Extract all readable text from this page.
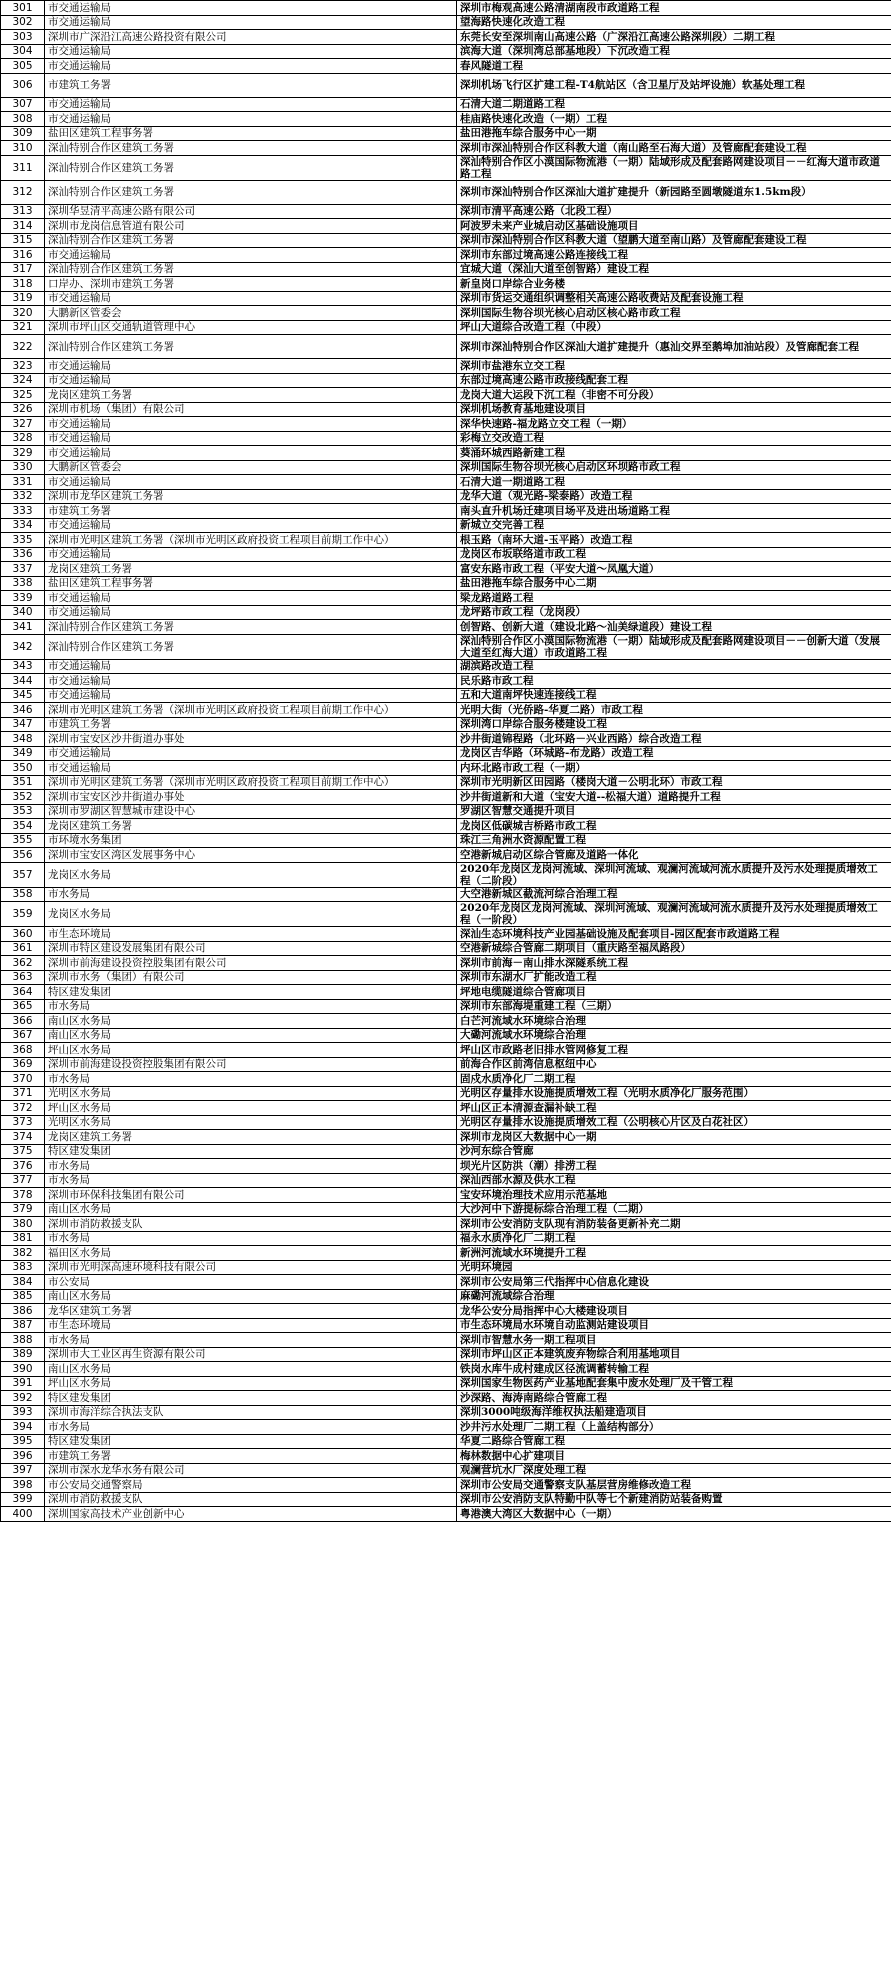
301	市交通运输局	深圳市梅观高速公路清湖南段市政道路工程
302	市交通运输局	望海路快速化改造工程
303	深圳市广深沿江高速公路投资有限公司	东莞长安至深圳南山高速公路（广深沿江高速公路深圳段）二期工程
304	市交通运输局	滨海大道（深圳湾总部基地段）下沉改造工程
305	市交通运输局	春风隧道工程
306	市建筑工务署	深圳机场飞行区扩建工程-T4航站区（含卫星厅及站坪设施）软基处理工程
307	市交通运输局	石清大道二期道路工程
308	市交通运输局	桂庙路快速化改造（一期）工程
309	盐田区建筑工程事务署	盐田港拖车综合服务中心一期
310	深汕特别合作区建筑工务署	深圳市深汕特别合作区科教大道（南山路至石海大道）及管廊配套建设工程
311	深汕特别合作区建筑工务署	深汕特别合作区小漠国际物流港（一期）陆域形成及配套路网建设项目－－红海大道市政道路工程
312	深汕特别合作区建筑工务署	深圳市深汕特别合作区深汕大道扩建提升（新园路至圆墩隧道东1.5km段）
313	深圳华昱清平高速公路有限公司	深圳市清平高速公路（北段工程）
314	深圳市龙岗信息管道有限公司	阿波罗未来产业城启动区基础设施项目
315	深汕特别合作区建筑工务署	深圳市深汕特别合作区科教大道（望鹏大道至南山路）及管廊配套建设工程
316	市交通运输局	深圳市东部过境高速公路连接线工程
317	深汕特别合作区建筑工务署	宜城大道（深汕大道至创智路）建设工程
318	口岸办、深圳市建筑工务署	新皇岗口岸综合业务楼
319	市交通运输局	深圳市货运交通组织调整相关高速公路收费站及配套设施工程
320	大鹏新区管委会	深圳国际生物谷坝光核心启动区核心路市政工程
321	深圳市坪山区交通轨道管理中心	坪山大道综合改造工程（中段）
322	深汕特别合作区建筑工务署	深圳市深汕特别合作区深汕大道扩建提升（惠汕交界至鹅埠加油站段）及管廊配套工程
323	市交通运输局	深圳市盐港东立交工程
324	市交通运输局	东部过境高速公路市政接线配套工程
325	龙岗区建筑工务署	龙岗大道大运段下沉工程（非密不可分段）
326	深圳市机场（集团）有限公司	深圳机场教育基地建设项目
327	市交通运输局	深华快速路-福龙路立交工程（一期）
328	市交通运输局	彩梅立交改造工程
329	市交通运输局	葵涌环城西路新建工程
330	大鹏新区管委会	深圳国际生物谷坝光核心启动区环坝路市政工程
331	市交通运输局	石清大道一期道路工程
332	深圳市龙华区建筑工务署	龙华大道（观光路-梁泰路）改造工程
333	市建筑工务署	南头直升机场迁建项目场平及进出场道路工程
334	市交通运输局	新城立交完善工程
335	深圳市光明区建筑工务署（深圳市光明区政府投资工程项目前期工作中心）	根玉路（南环大道-玉平路）改造工程
336	市交通运输局	龙岗区布坂联络道市政工程
337	龙岗区建筑工务署	富安东路市政工程（平安大道～凤凰大道）
338	盐田区建筑工程事务署	盐田港拖车综合服务中心二期
339	市交通运输局	梁龙路道路工程
340	市交通运输局	龙坪路市政工程（龙岗段）
341	深汕特别合作区建筑工务署	创智路、创新大道（建设北路～汕美绿道段）建设工程
342	深汕特别合作区建筑工务署	深汕特别合作区小漠国际物流港（一期）陆域形成及配套路网建设项目－－创新大道（发展大道至红海大道）市政道路工程
343	市交通运输局	湖滨路改造工程
344	市交通运输局	民乐路市政工程
345	市交通运输局	五和大道南坪快速连接线工程
346	深圳市光明区建筑工务署（深圳市光明区政府投资工程项目前期工作中心）	光明大街（光侨路-华夏二路）市政工程
347	市建筑工务署	深圳湾口岸综合服务楼建设工程
348	深圳市宝安区沙井街道办事处	沙井街道锦程路（北环路－兴业西路）综合改造工程
349	市交通运输局	龙岗区吉华路（环城路-布龙路）改造工程
350	市交通运输局	内环北路市政工程（一期）
351	深圳市光明区建筑工务署（深圳市光明区政府投资工程项目前期工作中心）	深圳市光明新区田园路（楼岗大道－公明北环）市政工程
352	深圳市宝安区沙井街道办事处	沙井街道新和大道（宝安大道--松福大道）道路提升工程
353	深圳市罗湖区智慧城市建设中心	罗湖区智慧交通提升项目
354	龙岗区建筑工务署	龙岗区低碳城吉桥路市政工程
355	市环境水务集团	珠江三角洲水资源配置工程
356	深圳市宝安区湾区发展事务中心	空港新城启动区综合管廊及道路一体化
357	龙岗区水务局	2020年龙岗区龙岗河流域、深圳河流域、观澜河流域河流水质提升及污水处理提质增效工程（二阶段）
358	市水务局	大空港新城区截流河综合治理工程
359	龙岗区水务局	2020年龙岗区龙岗河流域、深圳河流域、观澜河流域河流水质提升及污水处理提质增效工程（一阶段）
360	市生态环境局	深汕生态环境科技产业园基础设施及配套项目-园区配套市政道路工程
361	深圳市特区建设发展集团有限公司	空港新城综合管廊二期项目（重庆路至福凤路段）
362	深圳市前海建设投资控股集团有限公司	深圳市前海－南山排水深隧系统工程
363	深圳市水务（集团）有限公司	深圳市东湖水厂扩能改造工程
364	特区建发集团	坪地电缆隧道综合管廊项目
365	市水务局	深圳市东部海堤重建工程（三期）
366	南山区水务局	白芒河流域水环境综合治理
367	南山区水务局	大磡河流域水环境综合治理
368	坪山区水务局	坪山区市政路老旧排水管网修复工程
369	深圳市前海建设投资控股集团有限公司	前海合作区前湾信息枢纽中心
370	市水务局	固戍水质净化厂二期工程
371	光明区水务局	光明区存量排水设施提质增效工程（光明水质净化厂服务范围）
372	坪山区水务局	坪山区正本清源查漏补缺工程
373	光明区水务局	光明区存量排水设施提质增效工程（公明核心片区及白花社区）
374	龙岗区建筑工务署	深圳市龙岗区大数据中心一期
375	特区建发集团	沙河东综合管廊
376	市水务局	坝光片区防洪（潮）排涝工程
377	市水务局	深汕西部水源及供水工程
378	深圳市环保科技集团有限公司	宝安环境治理技术应用示范基地
379	南山区水务局	大沙河中下游提标综合治理工程（二期）
380	深圳市消防救援支队	深圳市公安消防支队现有消防装备更新补充二期
381	市水务局	福永水质净化厂二期工程
382	福田区水务局	新洲河流域水环境提升工程
383	深圳市光明深高速环境科技有限公司	光明环境园
384	市公安局	深圳市公安局第三代指挥中心信息化建设
385	南山区水务局	麻磡河流域综合治理
386	龙华区建筑工务署	龙华公安分局指挥中心大楼建设项目
387	市生态环境局	市生态环境局水环境自动监测站建设项目
388	市水务局	深圳市智慧水务一期工程项目
389	深圳市大工业区再生资源有限公司	深圳市坪山区正本建筑废弃物综合利用基地项目
390	南山区水务局	铁岗水库牛成村建成区径流调蓄转输工程
391	坪山区水务局	深圳国家生物医药产业基地配套集中废水处理厂及干管工程
392	特区建发集团	沙深路、海涛南路综合管廊工程
393	深圳市海洋综合执法支队	深圳3000吨级海洋维权执法船建造项目
394	市水务局	沙井污水处理厂二期工程（上盖结构部分）
395	特区建发集团	华夏二路综合管廊工程
396	市建筑工务署	梅林数据中心扩建项目
397	深圳市深水龙华水务有限公司	观澜营坑水厂深度处理工程
398	市公安局交通警察局	深圳市公安局交通警察支队基层营房维修改造工程
399	深圳市消防救援支队	深圳市公安消防支队特勤中队等七个新建消防站装备购置
400	深圳国家高技术产业创新中心	粤港澳大湾区大数据中心（一期）
